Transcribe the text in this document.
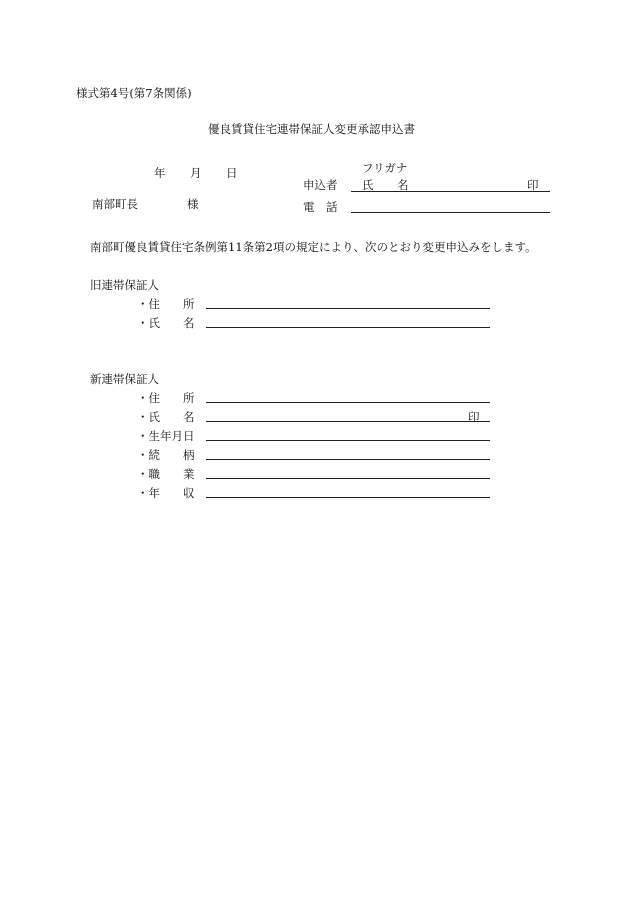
様式第4号(第7条関係)
優良賃貸住宅連帯保証人変更承認申込書
年 月 日
南部町長	様
フリガナ
申込者 氏 名	印
電 話
南部町優良賃貸住宅条例第11条第2項の規定により、次のとおり変更申込みをします。
旧連帯保証人
・住 所
・氏 名
新連帯保証人
・住 所
・氏 名	印
・生年月日
・続 柄
・職 業
・年 収
